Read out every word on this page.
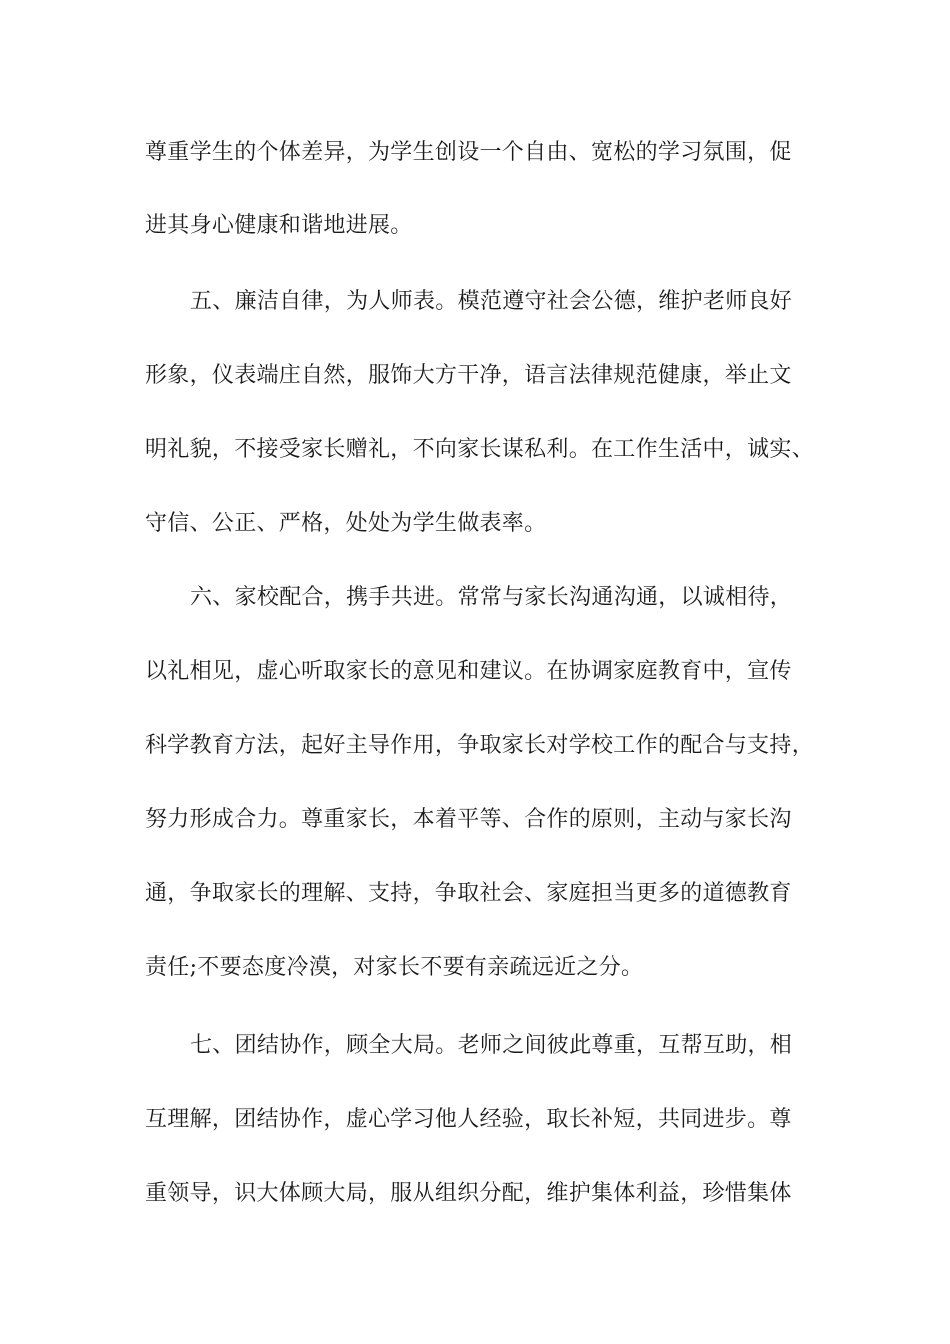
尊重学生的个体差异，为学生创设一个自由、宽松的学习氛围，促

进其身心健康和谐地进展。

五、廉洁自律，为人师表。模范遵守社会公德，维护老师良好

形象，仪表端庄自然，服饰大方干净，语言法律规范健康，举止文

明礼貌，不接受家长赠礼，不向家长谋私利。在工作生活中，诚实、

守信、公正、严格，处处为学生做表率。

六、家校配合，携手共进。常常与家长沟通沟通，以诚相待，

以礼相见，虚心听取家长的意见和建议。在协调家庭教育中，宣传

科学教育方法，起好主导作用，争取家长对学校工作的配合与支持，

努力形成合力。尊重家长，本着平等、合作的原则，主动与家长沟

通，争取家长的理解、支持，争取社会、家庭担当更多的道德教育

责任;不要态度冷漠，对家长不要有亲疏远近之分。

七、团结协作，顾全大局。老师之间彼此尊重，互帮互助，相

互理解，团结协作，虚心学习他人经验，取长补短，共同进步。尊

重领导，识大体顾大局，服从组织分配，维护集体利益，珍惜集体
